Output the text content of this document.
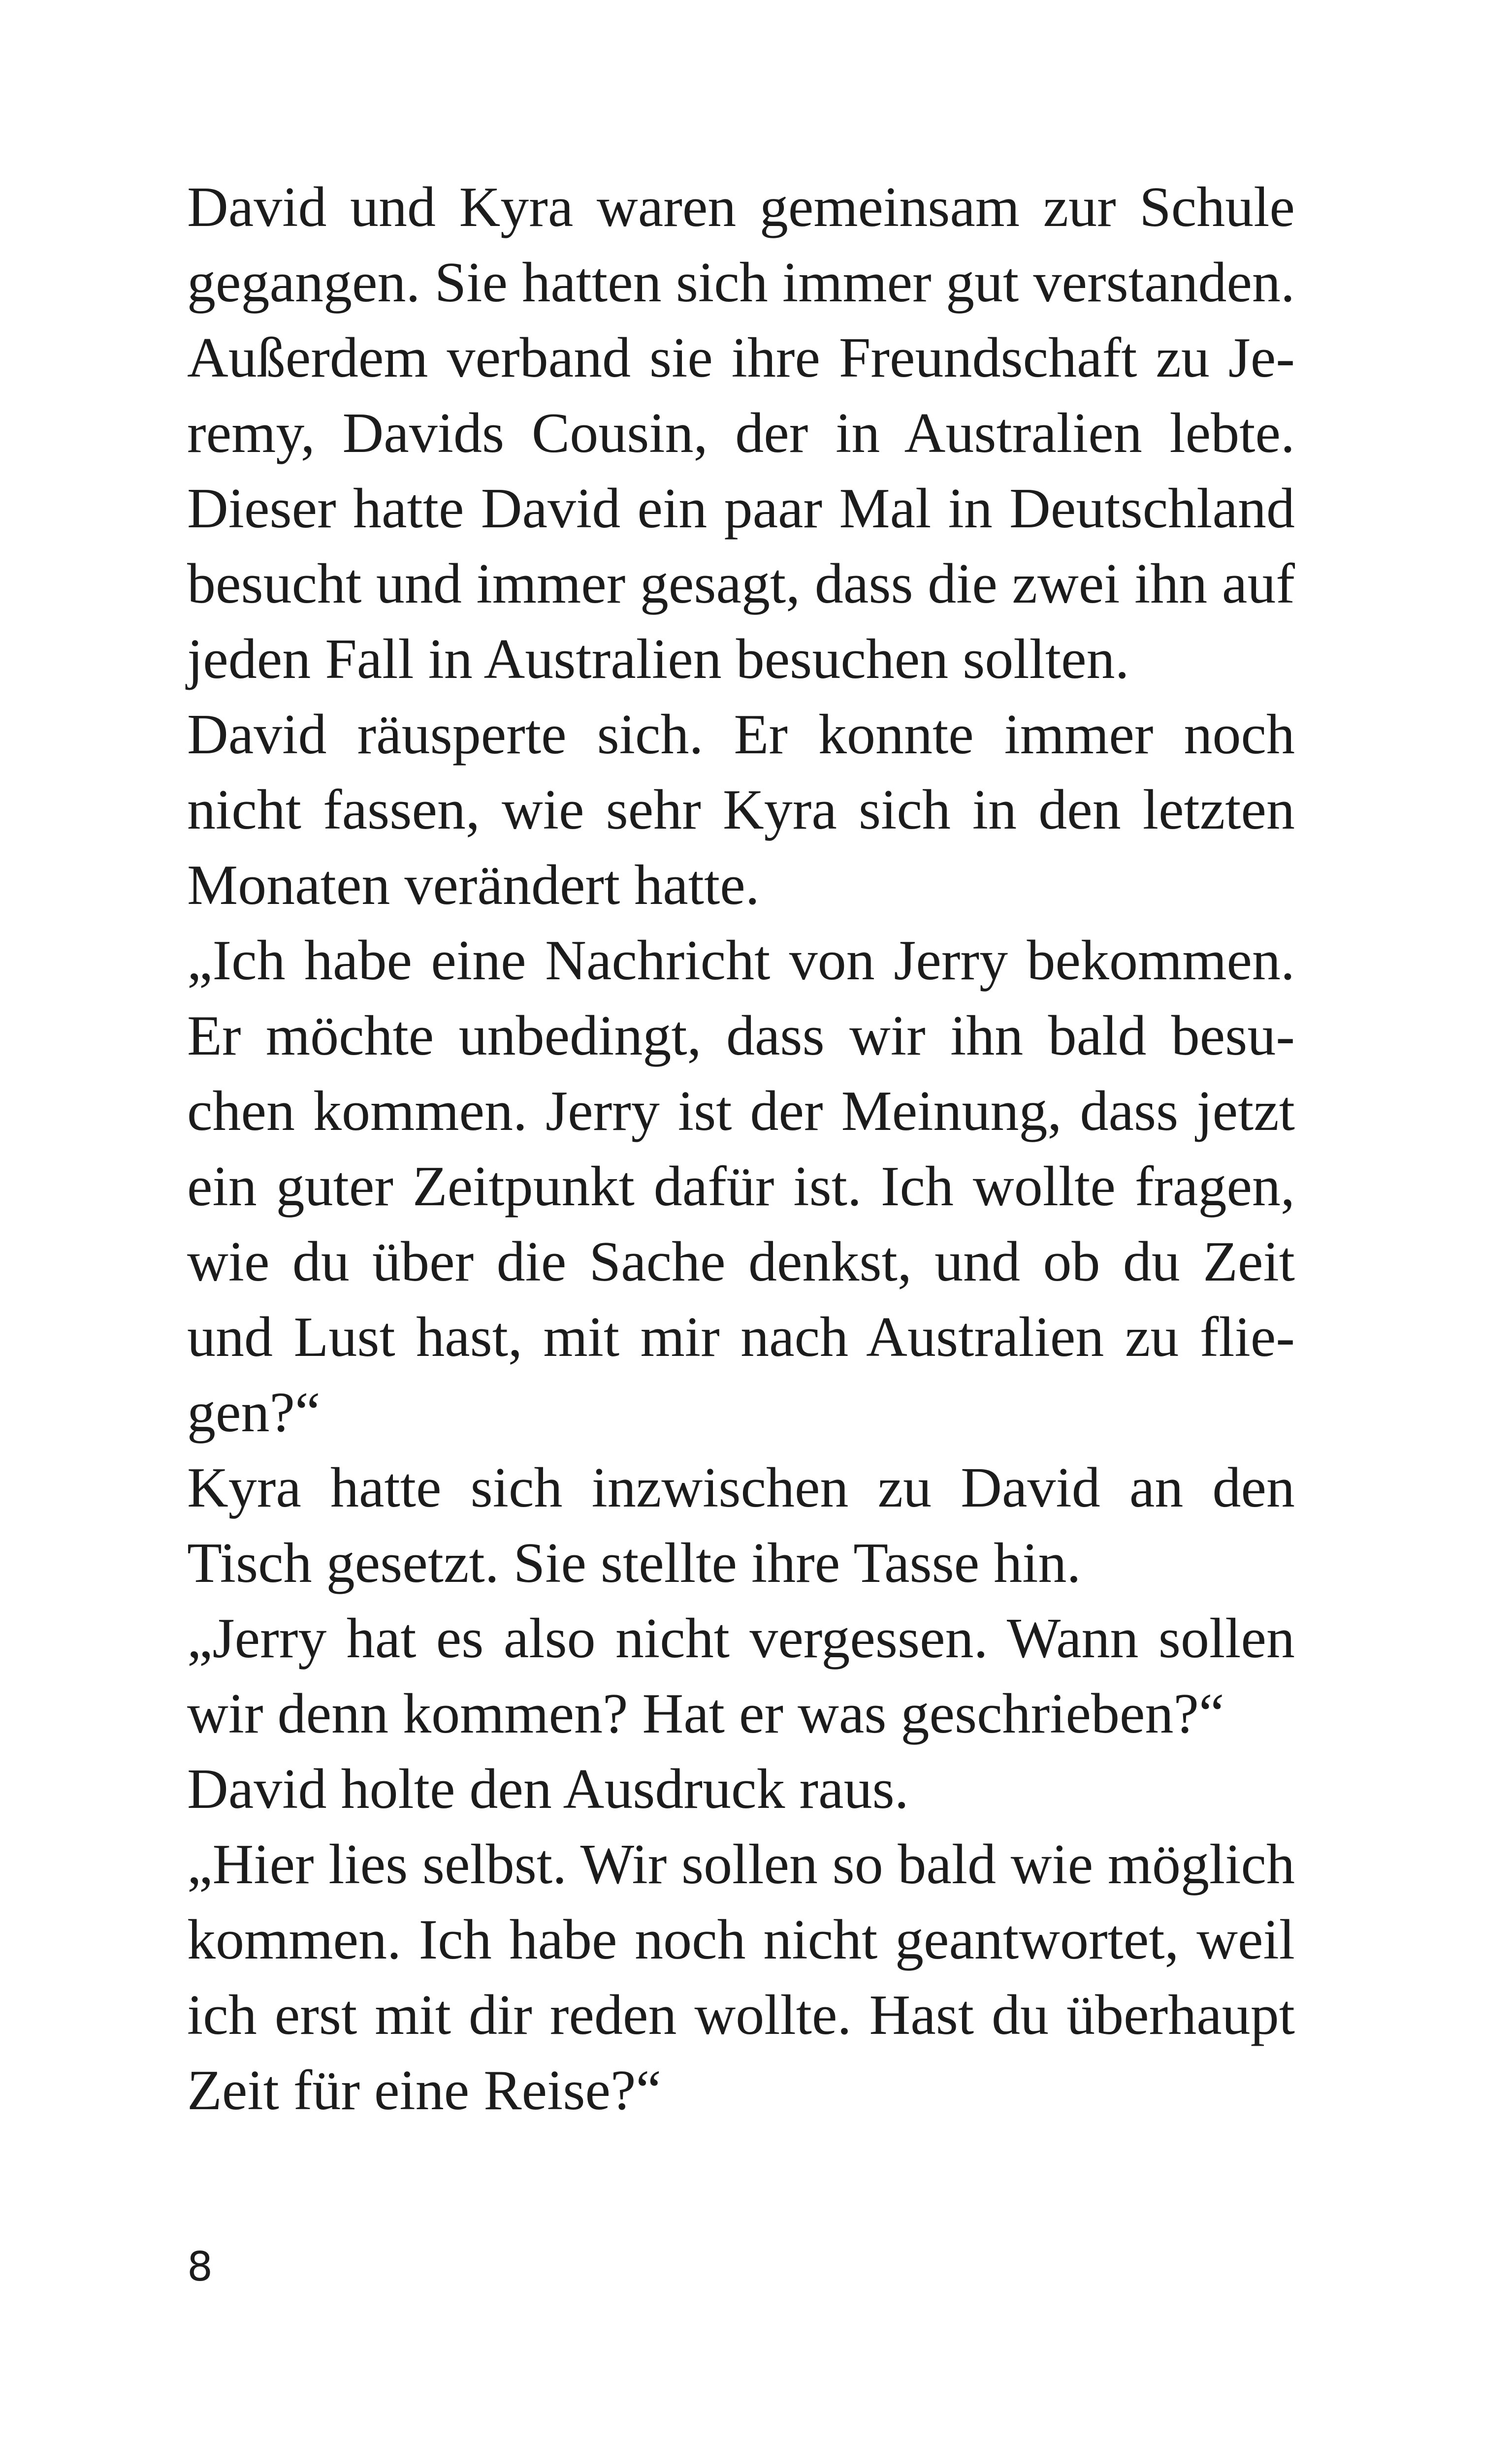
David und Kyra waren gemeinsam zur Schule
gegangen. Sie hatten sich immer gut verstanden.
Außerdem verband sie ihre Freundschaft zu Je-
remy, Davids Cousin, der in Australien lebte.
Dieser hatte David ein paar Mal in Deutschland
besucht und immer gesagt, dass die zwei ihn auf
jeden Fall in Australien besuchen sollten.

David räusperte sich. Er konnte immer noch
nicht fassen, wie sehr Kyra sich in den letzten
Monaten verändert hatte.

„Ich habe eine Nachricht von Jerry bekommen.
Er möchte unbedingt, dass wir ihn bald besu-
chen kommen. Jerry ist der Meinung, dass jetzt
ein guter Zeitpunkt dafür ist. Ich wollte fragen,
wie du über die Sache denkst, und ob du Zeit
und Lust hast, mit mir nach Australien zu flie-
gen?“

Kyra hatte sich inzwischen zu David an den
Tisch gesetzt. Sie stellte ihre Tasse hin.

„Jerry hat es also nicht vergessen. Wann sollen
wir denn kommen? Hat er was geschrieben?“

David holte den Ausdruck raus.

„Hier lies selbst. Wir sollen so bald wie möglich
kommen. Ich habe noch nicht geantwortet, weil
ich erst mit dir reden wollte. Hast du überhaupt
Zeit für eine Reise?“

8
